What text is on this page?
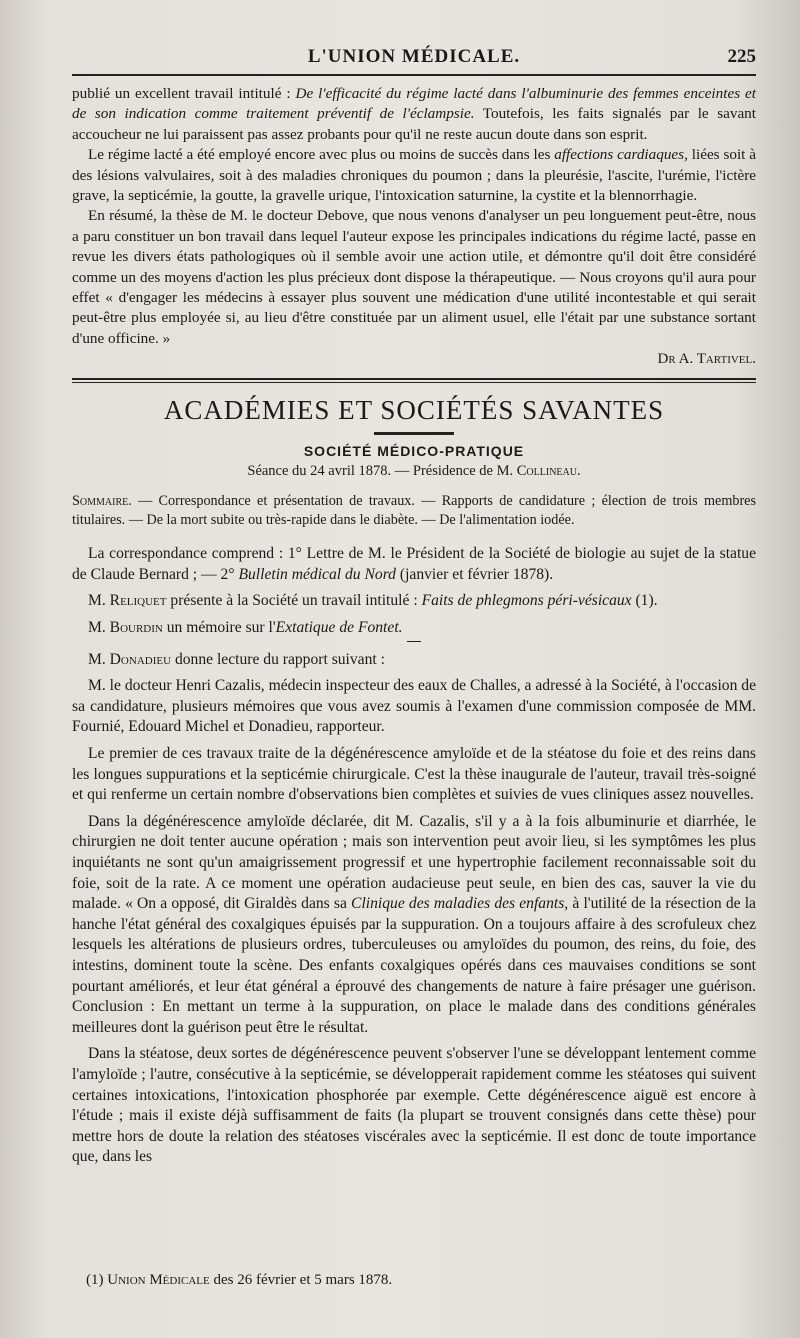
L'UNION MÉDICALE.	225

publié un excellent travail intitulé : De l'efficacité du régime lacté dans l'albuminurie des femmes enceintes et de son indication comme traitement préventif de l'éclampsie. Toutefois, les faits signalés par le savant accoucheur ne lui paraissent pas assez probants pour qu'il ne reste aucun doute dans son esprit.

Le régime lacté a été employé encore avec plus ou moins de succès dans les affections cardiaques, liées soit à des lésions valvulaires, soit à des maladies chroniques du poumon ; dans la pleurésie, l'ascite, l'urémie, l'ictère grave, la septicémie, la goutte, la gravelle urique, l'intoxication saturnine, la cystite et la blennorrhagie.

En résumé, la thèse de M. le docteur Debove, que nous venons d'analyser un peu longuement peut-être, nous a paru constituer un bon travail dans lequel l'auteur expose les principales indications du régime lacté, passe en revue les divers états pathologiques où il semble avoir une action utile, et démontre qu'il doit être considéré comme un des moyens d'action les plus précieux dont dispose la thérapeutique. — Nous croyons qu'il aura pour effet « d'engager les médecins à essayer plus souvent une médication d'une utilité incontestable et qui serait peut-être plus employée si, au lieu d'être constituée par un aliment usuel, elle l'était par une substance sortant d'une officine. »

Dr A. Tartivel.
ACADÉMIES ET SOCIÉTÉS SAVANTES
SOCIÉTÉ MÉDICO-PRATIQUE
Séance du 24 avril 1878. — Présidence de M. Collineau.
Sommaire. — Correspondance et présentation de travaux. — Rapports de candidature ; élection de trois membres titulaires. — De la mort subite ou très-rapide dans le diabète. — De l'alimentation iodée.

La correspondance comprend : 1° Lettre de M. le Président de la Société de biologie au sujet de la statue de Claude Bernard ; — 2° Bulletin médical du Nord (janvier et février 1878).

M. Reliquet présente à la Société un travail intitulé : Faits de phlegmons péri-vésicaux (1).

M. Bourdin un mémoire sur l'Extatique de Fontet.

M. Donadieu donne lecture du rapport suivant :

M. le docteur Henri Cazalis, médecin inspecteur des eaux de Challes, a adressé à la Société, à l'occasion de sa candidature, plusieurs mémoires que vous avez soumis à l'examen d'une commission composée de MM. Fournié, Edouard Michel et Donadieu, rapporteur.

Le premier de ces travaux traite de la dégénérescence amyloïde et de la stéatose du foie et des reins dans les longues suppurations et la septicémie chirurgicale. C'est la thèse inaugurale de l'auteur, travail très-soigné et qui renferme un certain nombre d'observations bien complètes et suivies de vues cliniques assez nouvelles.

Dans la dégénérescence amyloïde déclarée, dit M. Cazalis, s'il y a à la fois albuminurie et diarrhée, le chirurgien ne doit tenter aucune opération ; mais son intervention peut avoir lieu, si les symptômes les plus inquiétants ne sont qu'un amaigrissement progressif et une hypertrophie facilement reconnaissable soit du foie, soit de la rate. A ce moment une opération audacieuse peut seule, en bien des cas, sauver la vie du malade. « On a opposé, dit Giraldès dans sa Clinique des maladies des enfants, à l'utilité de la résection de la hanche l'état général des coxalgiques épuisés par la suppuration. On a toujours affaire à des scrofuleux chez lesquels les altérations de plusieurs ordres, tuberculeuses ou amyloïdes du poumon, des reins, du foie, des intestins, dominent toute la scène. Des enfants coxalgiques opérés dans ces mauvaises conditions se sont pourtant améliorés, et leur état général a éprouvé des changements de nature à faire présager une guérison. Conclusion : En mettant un terme à la suppuration, on place le malade dans des conditions générales meilleures dont la guérison peut être le résultat.

Dans la stéatose, deux sortes de dégénérescence peuvent s'observer l'une se développant lentement comme l'amyloïde ; l'autre, consécutive à la septicémie, se développerait rapidement comme les stéatoses qui suivent certaines intoxications, l'intoxication phosphorée par exemple. Cette dégénérescence aiguë est encore à l'étude ; mais il existe déjà suffisamment de faits (la plupart se trouvent consignés dans cette thèse) pour mettre hors de doute la relation des stéatoses viscérales avec la septicémie. Il est donc de toute importance que, dans les

(1) Union Médicale des 26 février et 5 mars 1878.
